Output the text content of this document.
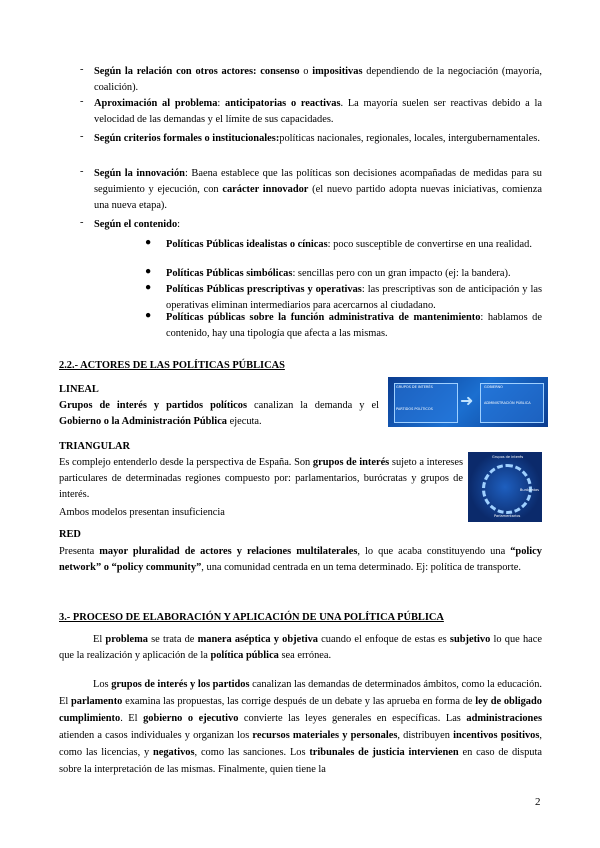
- Según la relación con otros actores: consenso o impositivas dependiendo de la negociación (mayoría, coalición).

- Aproximación al problema: anticipatorias o reactivas. La mayoría suelen ser reactivas debido a la velocidad de las demandas y el límite de sus capacidades.

- Según criterios formales o institucionales:políticas nacionales, regionales, locales, intergubernamentales.

- Según la innovación: Baena establece que las políticas son decisiones acompañadas de medidas para su seguimiento y ejecución, con carácter innovador (el nuevo partido adopta nuevas iniciativas, comienza una nueva etapa).

- Según el contenido:

● Políticas Públicas idealistas o cínicas: poco susceptible de convertirse en una realidad.

● Políticas Públicas simbólicas: sencillas pero con un gran impacto (ej: la bandera).

● Políticas Públicas prescriptivas y operativas: las prescriptivas son de anticipación y las operativas eliminan intermediarios para acercarnos al ciudadano.

● Políticas públicas sobre la función administrativa de mantenimiento: hablamos de contenido, hay una tipología que afecta a las mismas.

2.2.- ACTORES DE LAS POLÍTICAS PÚBLICAS
LINEAL

Grupos de interés y partidos políticos canalizan la demanda y el Gobierno o la Administración Pública ejecuta.

➜
GRUPOS DE INTERÉS
PARTIDOS POLÍTICOS
GOBIERNO
ADMINISTRACIÓN PÚBLICA
TRIANGULAR

Es complejo entenderlo desde la perspectiva de España. Son grupos de interés sujeto a intereses particulares de determinadas regiones compuesto por: parlamentarios, burócratas y grupos de interés.

Ambos modelos presentan insuficiencia

Grupos de interés
Burócratas
Parlamentarios
RED

Presenta mayor pluralidad de actores y relaciones multilaterales, lo que acaba constituyendo una “policy network” o “policy community”, una comunidad centrada en un tema determinado. Ej: política de transporte.

3.- PROCESO DE ELABORACIÓN Y APLICACIÓN DE UNA POLÍTICA PÚBLICA

El problema se trata de manera aséptica y objetiva cuando el enfoque de estas es subjetivo lo que hace que la realización y aplicación de la política pública sea errónea.

Los grupos de interés y los partidos canalizan las demandas de determinados ámbitos, como la educación. El parlamento examina las propuestas, las corrige después de un debate y las aprueba en forma de ley de obligado cumplimiento. El gobierno o ejecutivo convierte las leyes generales en específicas. Las administraciones atienden a casos individuales y organizan los recursos materiales y personales, distribuyen incentivos positivos, como las licencias, y negativos, como las sanciones. Los tribunales de justicia intervienen en caso de disputa sobre la interpretación de las mismas. Finalmente, quien tiene la

2
